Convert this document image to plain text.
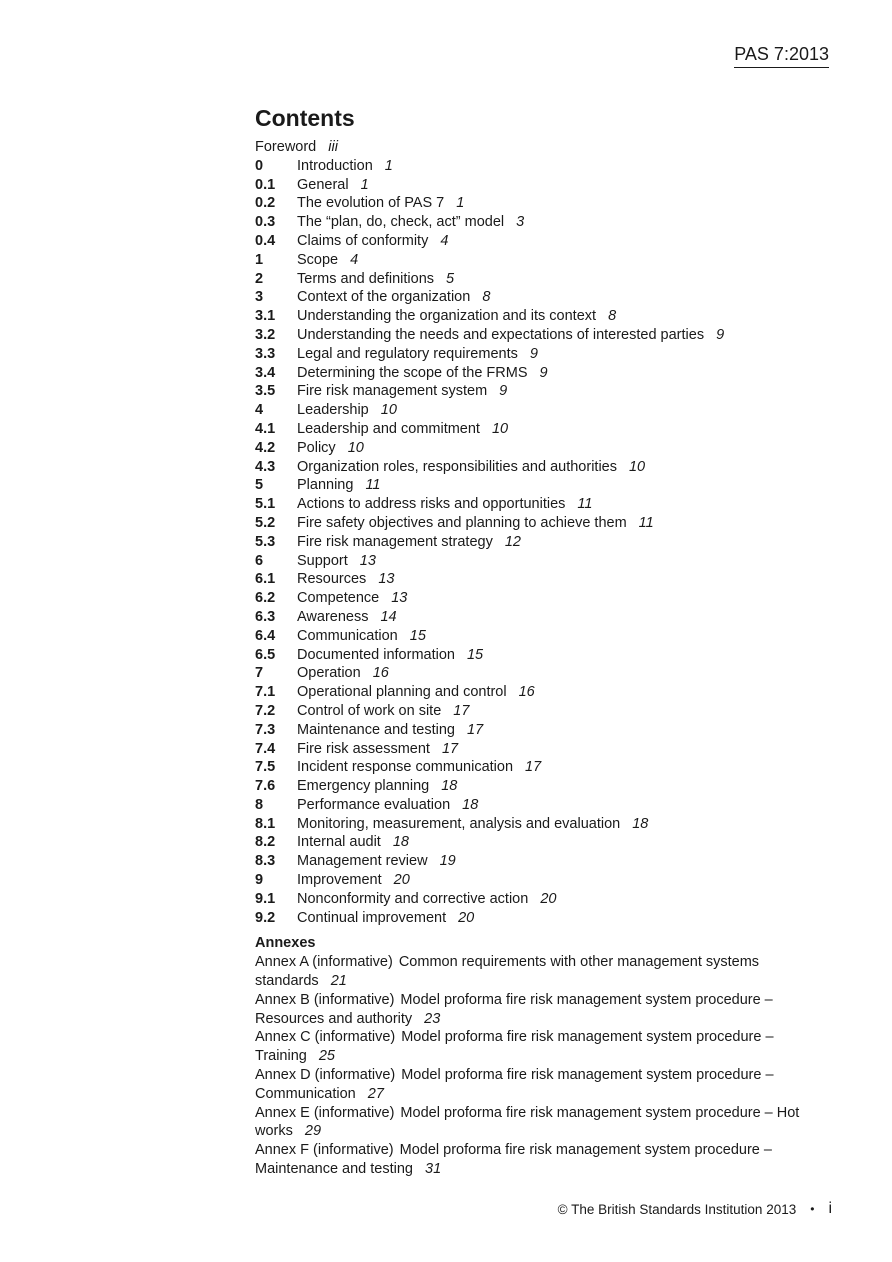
PAS 7:2013
Contents
Foreword iii
0 Introduction 1
0.1 General 1
0.2 The evolution of PAS 7 1
0.3 The “plan, do, check, act” model 3
0.4 Claims of conformity 4
1 Scope 4
2 Terms and definitions 5
3 Context of the organization 8
3.1 Understanding the organization and its context 8
3.2 Understanding the needs and expectations of interested parties 9
3.3 Legal and regulatory requirements 9
3.4 Determining the scope of the FRMS 9
3.5 Fire risk management system 9
4 Leadership 10
4.1 Leadership and commitment 10
4.2 Policy 10
4.3 Organization roles, responsibilities and authorities 10
5 Planning 11
5.1 Actions to address risks and opportunities 11
5.2 Fire safety objectives and planning to achieve them 11
5.3 Fire risk management strategy 12
6 Support 13
6.1 Resources 13
6.2 Competence 13
6.3 Awareness 14
6.4 Communication 15
6.5 Documented information 15
7 Operation 16
7.1 Operational planning and control 16
7.2 Control of work on site 17
7.3 Maintenance and testing 17
7.4 Fire risk assessment 17
7.5 Incident response communication 17
7.6 Emergency planning 18
8 Performance evaluation 18
8.1 Monitoring, measurement, analysis and evaluation 18
8.2 Internal audit 18
8.3 Management review 19
9 Improvement 20
9.1 Nonconformity and corrective action 20
9.2 Continual improvement 20
Annexes
Annex A (informative) Common requirements with other management systems standards 21
Annex B (informative) Model proforma fire risk management system procedure – Resources and authority 23
Annex C (informative) Model proforma fire risk management system procedure – Training 25
Annex D (informative) Model proforma fire risk management system procedure – Communication 27
Annex E (informative) Model proforma fire risk management system procedure – Hot works 29
Annex F (informative) Model proforma fire risk management system procedure – Maintenance and testing 31
© The British Standards Institution 2013 • i
